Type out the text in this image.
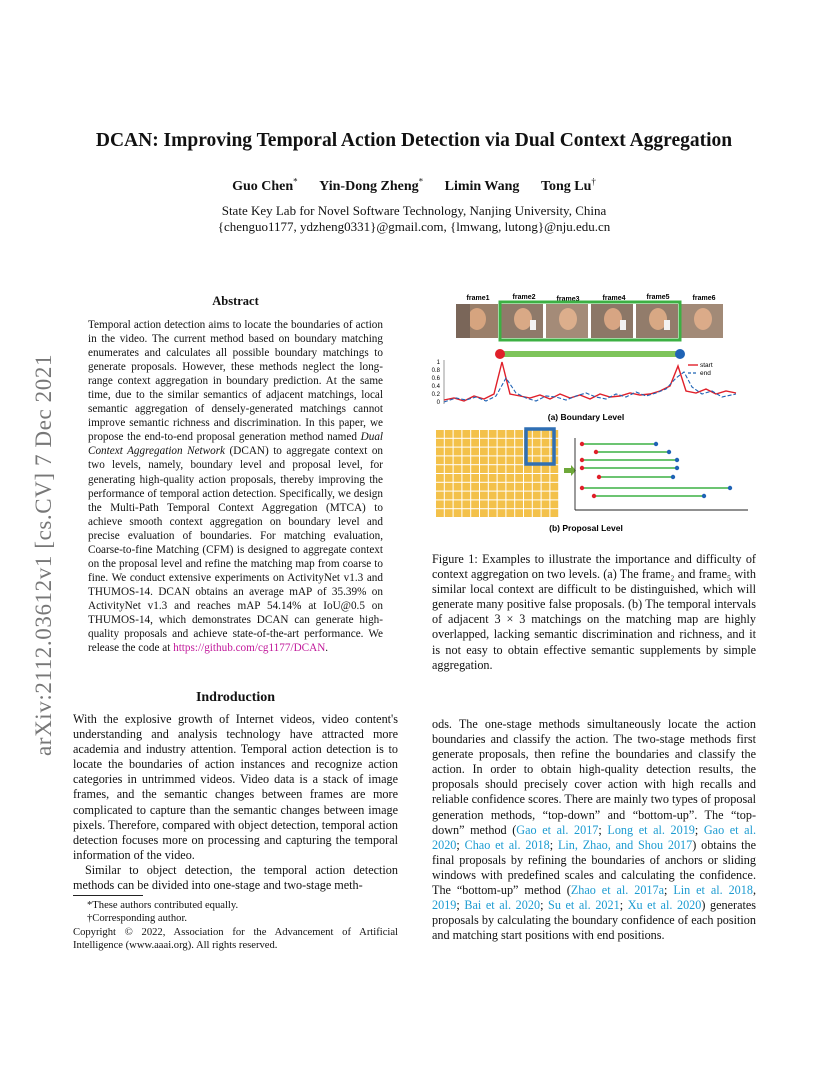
DCAN: Improving Temporal Action Detection via Dual Context Aggregation
Guo Chen* Yin-Dong Zheng* Limin Wang Tong Lu†
State Key Lab for Novel Software Technology, Nanjing University, China
{chenguo1177, ydzheng0331}@gmail.com, {lmwang, lutong}@nju.edu.cn
arXiv:2112.03612v1 [cs.CV] 7 Dec 2021
Abstract
Temporal action detection aims to locate the boundaries of action in the video. The current method based on boundary matching enumerates and calculates all possible boundary matchings to generate proposals. However, these methods neglect the long-range context aggregation in boundary prediction. At the same time, due to the similar semantics of adjacent matchings, local semantic aggregation of densely-generated matchings cannot improve semantic richness and discrimination. In this paper, we propose the end-to-end proposal generation method named Dual Context Aggregation Network (DCAN) to aggregate context on two levels, namely, boundary level and proposal level, for generating high-quality action proposals, thereby improving the performance of temporal action detection. Specifically, we design the Multi-Path Temporal Context Aggregation (MTCA) to achieve smooth context aggregation on boundary level and precise evaluation of boundaries. For matching evaluation, Coarse-to-fine Matching (CFM) is designed to aggregate context on the proposal level and refine the matching map from coarse to fine. We conduct extensive experiments on ActivityNet v1.3 and THUMOS-14. DCAN obtains an average mAP of 35.39% on ActivityNet v1.3 and reaches mAP 54.14% at IoU@0.5 on THUMOS-14, which demonstrates DCAN can generate high-quality proposals and achieve state-of-the-art performance. We release the code at https://github.com/cg1177/DCAN.
Indroduction

With the explosive growth of Internet videos, video content's understanding and analysis technology have attracted more academia and industry attention. Temporal action detection is to locate the boundaries of action instances and recognize action categories in untrimmed videos. Video data is a stack of image frames, and the semantic changes between frames are more complicated to capture than the semantic changes between image pixels. Therefore, compared with object detection, temporal action detection focuses more on processing and capturing the temporal information of the video.

Similar to object detection, the temporal action detection methods can be divided into one-stage and two-stage meth-

*These authors contributed equally.
†Corresponding author.
Copyright © 2022, Association for the Advancement of Artificial Intelligence (www.aaai.org). All rights reserved.
frame1	frame2	frame3	frame4	frame5	frame6
1
0.8
0.6
0.4
0.2
0
start
end
(a) Boundary Level
(b) Proposal Level
Figure 1: Examples to illustrate the importance and difficulty of context aggregation on two levels. (a) The frame₂ and frame₅ with similar local context are difficult to be distinguished, which will generate many positive false proposals. (b) The temporal intervals of adjacent 3 × 3 matchings on the matching map are highly overlapped, lacking semantic discrimination and richness, and it is not easy to obtain effective semantic supplements by simple aggregation.
ods. The one-stage methods simultaneously locate the action boundaries and classify the action. The two-stage methods first generate proposals, then refine the boundaries and classify the action. In order to obtain high-quality detection results, the proposals should precisely cover action with high recalls and reliable confidence scores. There are mainly two types of proposal generation methods, “top-down” and “bottom-up”. The “top-down” method (Gao et al. 2017; Long et al. 2019; Gao et al. 2020; Chao et al. 2018; Lin, Zhao, and Shou 2017) obtains the final proposals by refining the boundaries of anchors or sliding windows with predefined scales and calculating the confidence. The “bottom-up” method (Zhao et al. 2017a; Lin et al. 2018, 2019; Bai et al. 2020; Su et al. 2021; Xu et al. 2020) generates proposals by calculating the boundary confidence of each position and matching start positions with end positions.
